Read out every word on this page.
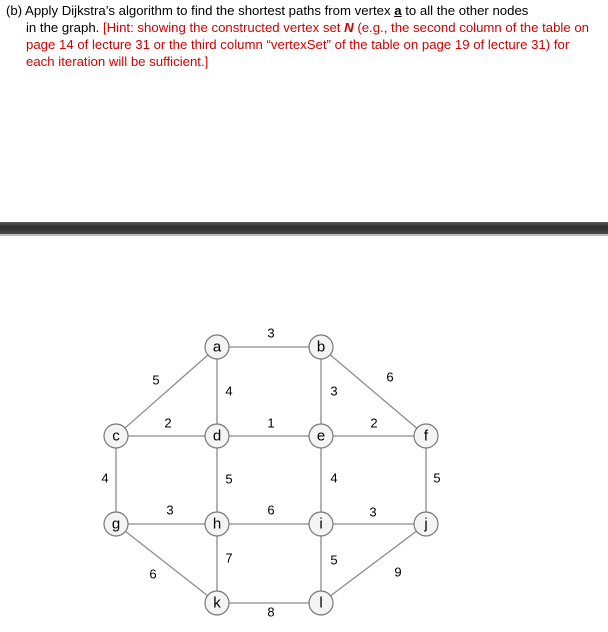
(b) Apply Dijkstra’s algorithm to find the shortest paths from vertex a to all the other nodes
in the graph. [Hint: showing the constructed vertex set N (e.g., the second column of the table on page 14 of lecture 31 or the third column “vertexSet” of the table on page 19 of lecture 31) for each iteration will be sufficient.]
3
5
4	3
6
2	1	2
4	5	4	5
3	6	3
6
7	5
8
9
a	b
c	d	e	f
g	h	i	j
k	l
